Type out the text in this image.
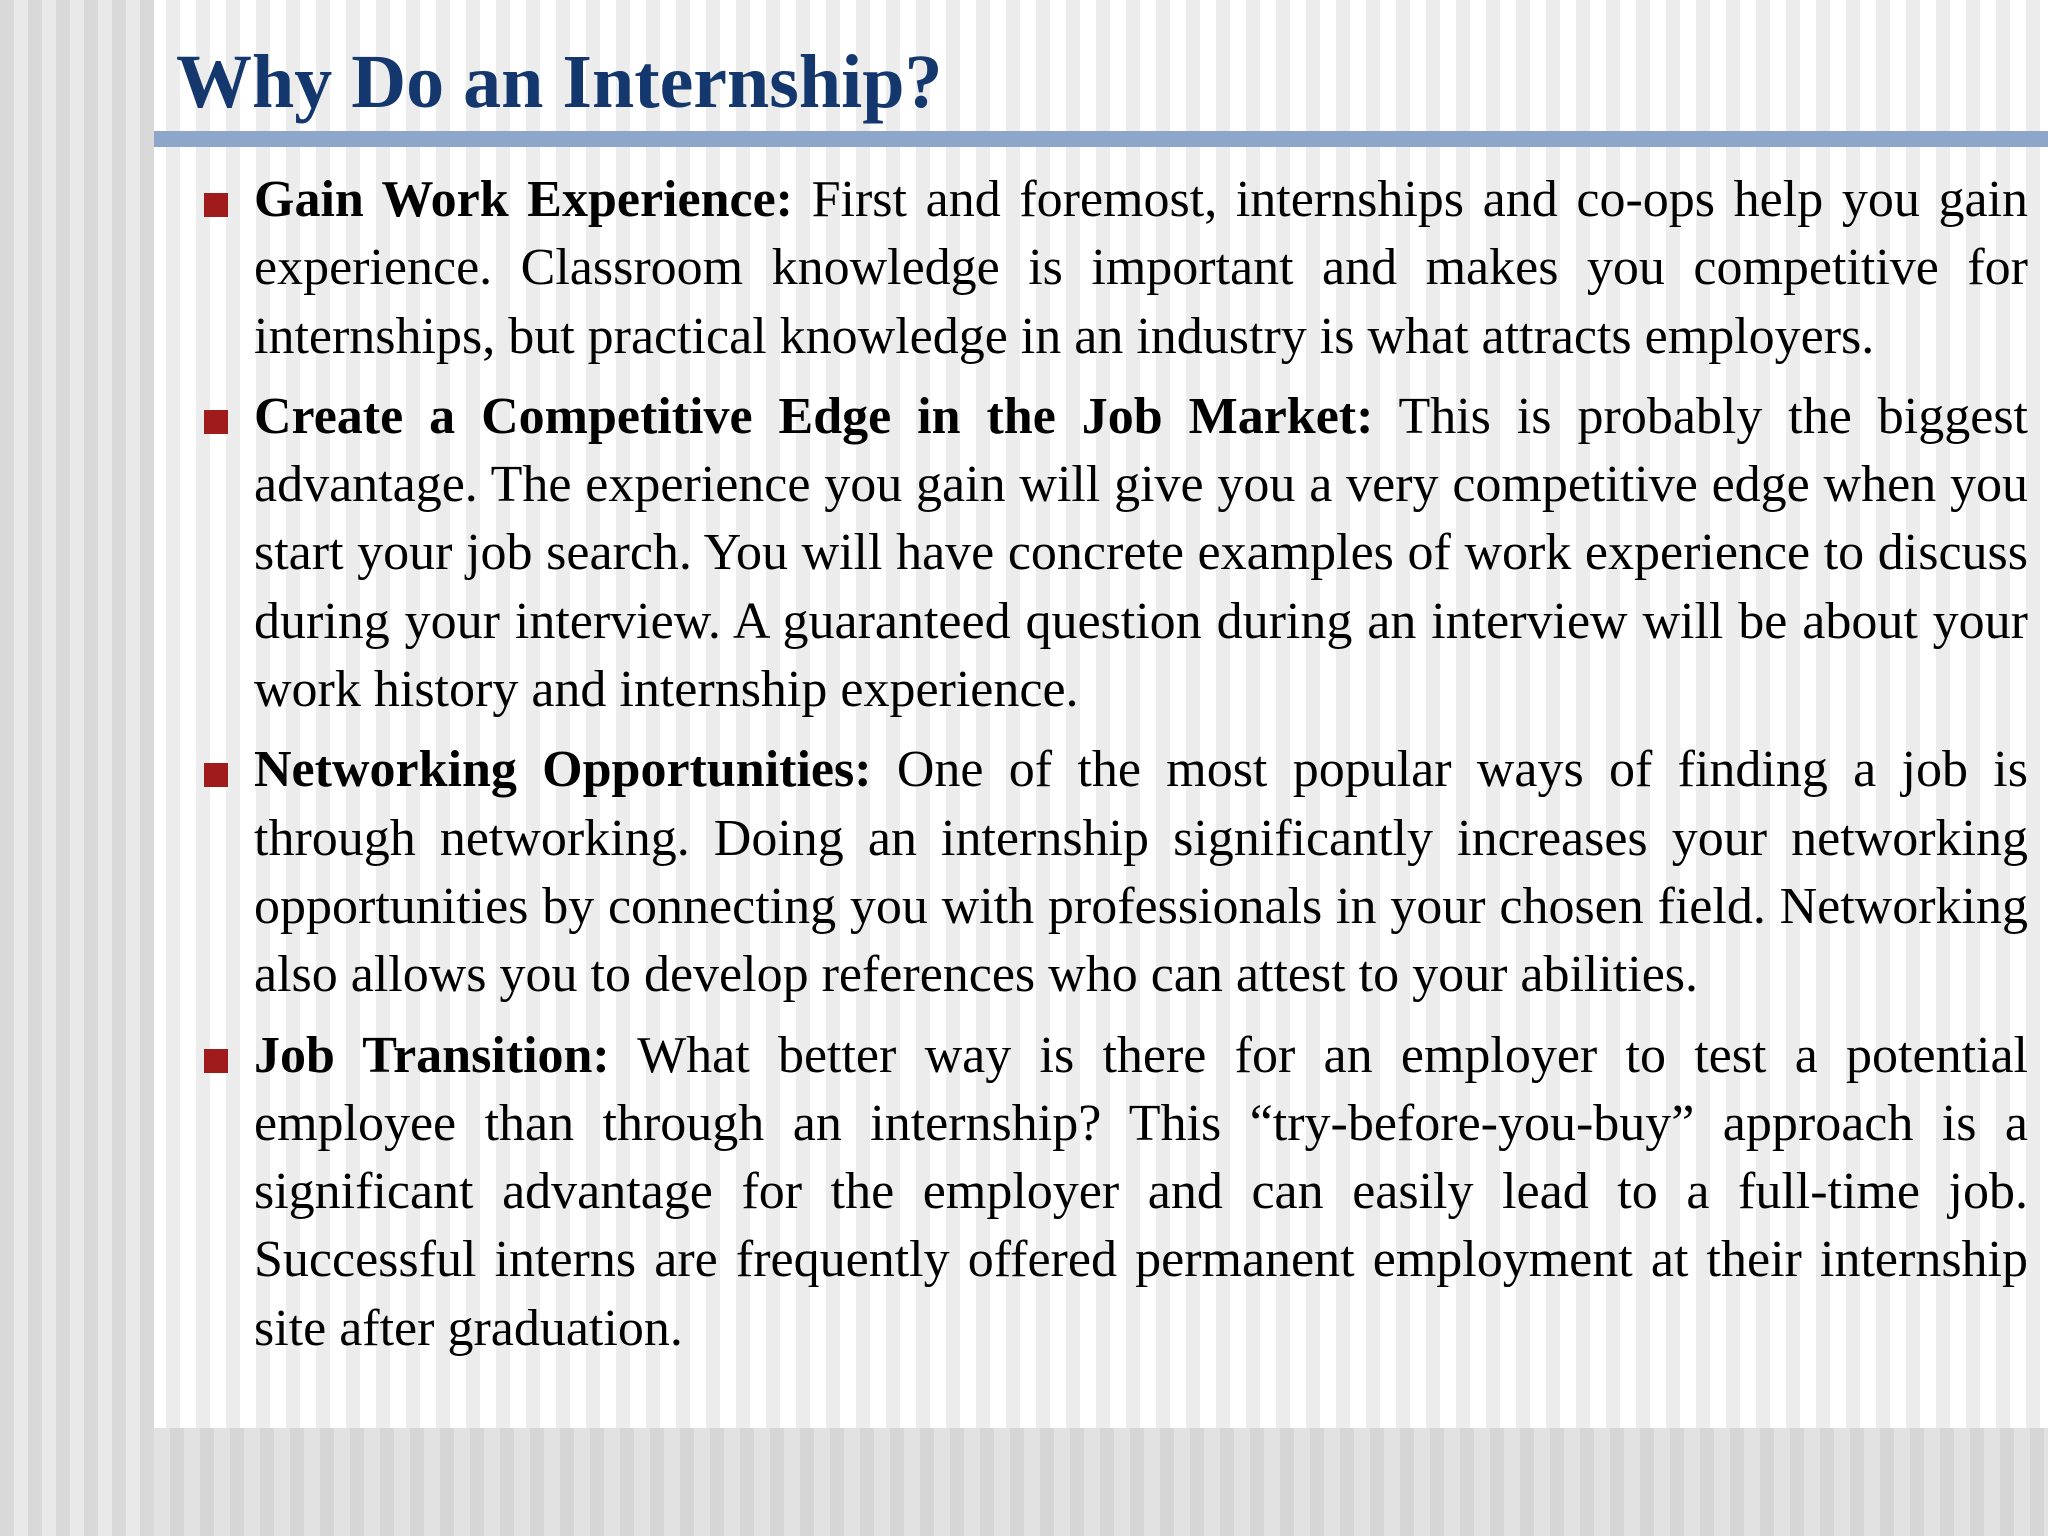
Why Do an Internship?
Gain Work Experience: First and foremost, internships and co-ops help you gain experience. Classroom knowledge is important and makes you competitive for internships, but practical knowledge in an industry is what attracts employers.
Create a Competitive Edge in the Job Market: This is probably the biggest advantage. The experience you gain will give you a very competitive edge when you start your job search. You will have concrete examples of work experience to discuss during your interview. A guaranteed question during an interview will be about your work history and internship experience.
Networking Opportunities: One of the most popular ways of finding a job is through networking. Doing an internship significantly increases your networking opportunities by connecting you with professionals in your chosen field. Networking also allows you to develop references who can attest to your abilities.
Job Transition: What better way is there for an employer to test a potential employee than through an internship? This “try-before-you-buy” approach is a significant advantage for the employer and can easily lead to a full-time job. Successful interns are frequently offered permanent employment at their internship site after graduation.
